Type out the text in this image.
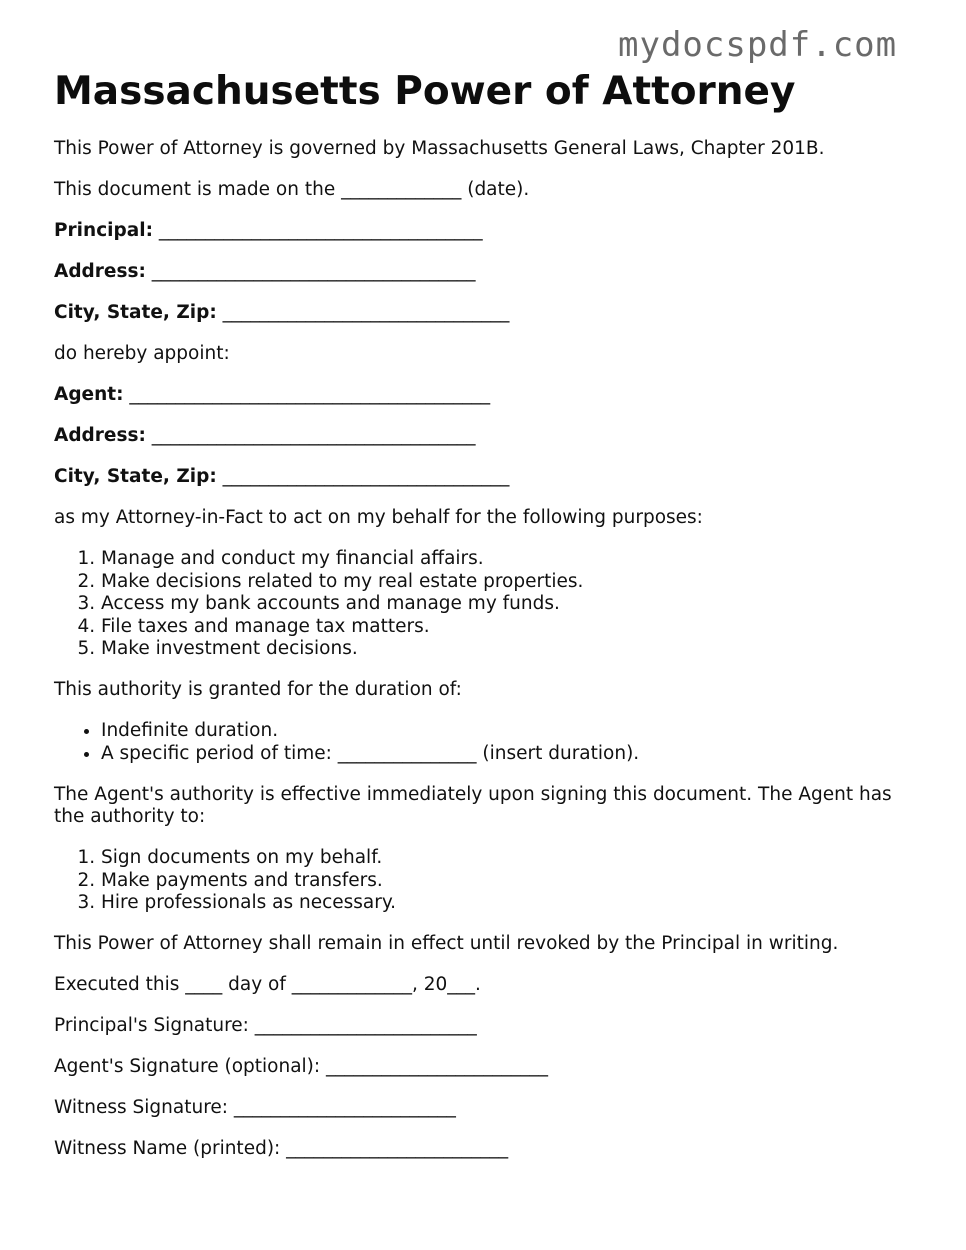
mydocspdf.com
Massachusetts Power of Attorney

This Power of Attorney is governed by Massachusetts General Laws, Chapter 201B.

This document is made on the _____________ (date).

Principal: ___________________________________

Address: ___________________________________

City, State, Zip: _______________________________

do hereby appoint:

Agent: _______________________________________

Address: ___________________________________

City, State, Zip: _______________________________

as my Attorney-in-Fact to act on my behalf for the following purposes:

1. Manage and conduct my financial affairs.
2. Make decisions related to my real estate properties.
3. Access my bank accounts and manage my funds.
4. File taxes and manage tax matters.
5. Make investment decisions.

This authority is granted for the duration of:

• Indefinite duration.
• A specific period of time: _______________ (insert duration).

The Agent's authority is effective immediately upon signing this document. The Agent has the authority to:

1. Sign documents on my behalf.
2. Make payments and transfers.
3. Hire professionals as necessary.

This Power of Attorney shall remain in effect until revoked by the Principal in writing.

Executed this ____ day of _____________, 20___.

Principal's Signature: ________________________

Agent's Signature (optional): ________________________

Witness Signature: ________________________

Witness Name (printed): ________________________
